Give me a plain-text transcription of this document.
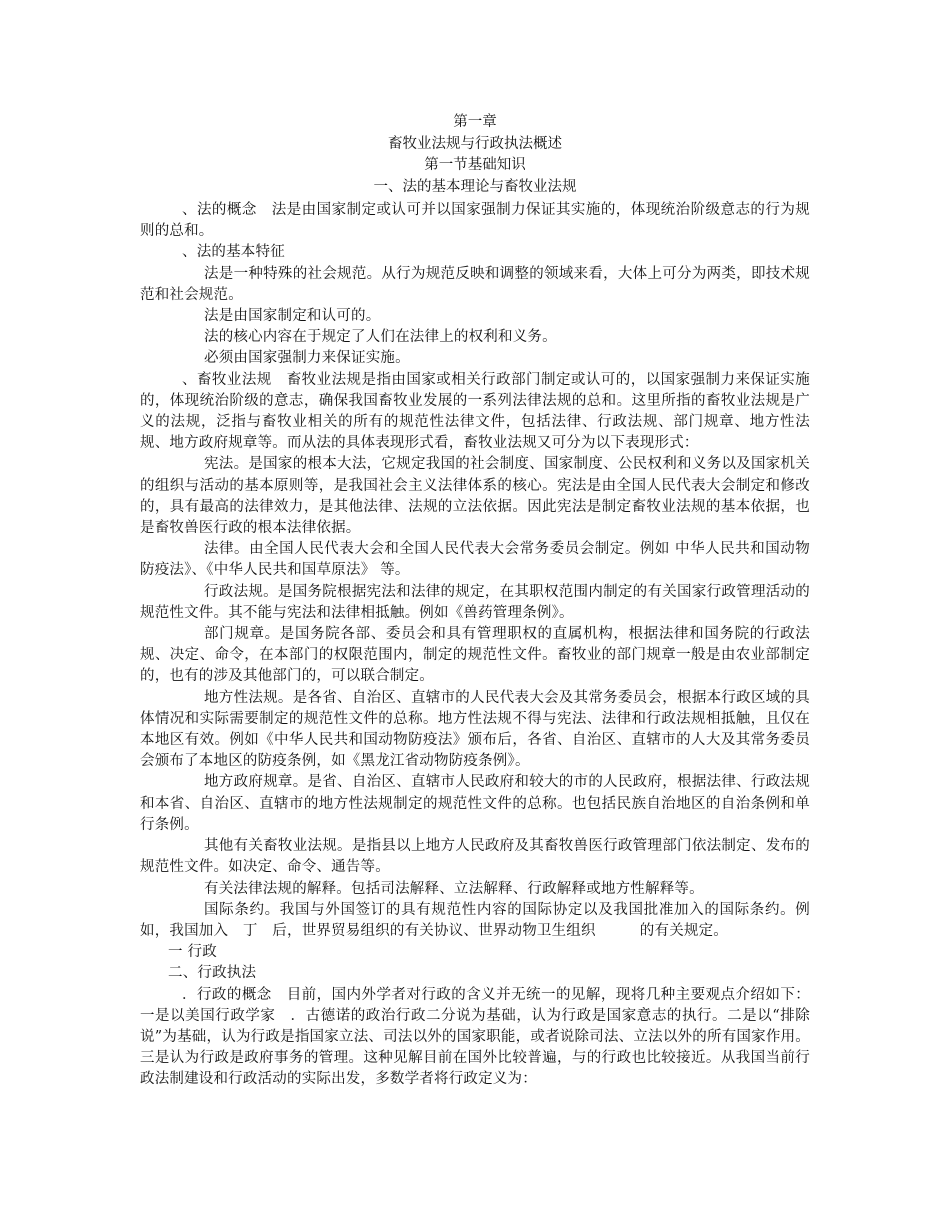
第一章
畜牧业法规与行政执法概述
第一节基础知识
一、法的基本理论与畜牧业法规

、法的概念　法是由国家制定或认可并以国家强制力保证其实施的，体现统治阶级意志的行为规则的总和。

、法的基本特征

法是一种特殊的社会规范。从行为规范反映和调整的领域来看，大体上可分为两类，即技术规范和社会规范。

法是由国家制定和认可的。

法的核心内容在于规定了人们在法律上的权利和义务。

必须由国家强制力来保证实施。

、畜牧业法规　畜牧业法规是指由国家或相关行政部门制定或认可的，以国家强制力来保证实施的，体现统治阶级的意志，确保我国畜牧业发展的一系列法律法规的总和。这里所指的畜牧业法规是广义的法规，泛指与畜牧业相关的所有的规范性法律文件，包括法律、行政法规、部门规章、地方性法规、地方政府规章等。而从法的具体表现形式看，畜牧业法规又可分为以下表现形式：

宪法。是国家的根本大法，它规定我国的社会制度、国家制度、公民权利和义务以及国家机关的组织与活动的基本原则等，是我国社会主义法律体系的核心。宪法是由全国人民代表大会制定和修改的，具有最高的法律效力，是其他法律、法规的立法依据。因此宪法是制定畜牧业法规的基本依据，也是畜牧兽医行政的根本法律依据。

法律。由全国人民代表大会和全国人民代表大会常务委员会制定。例如 中华人民共和国动物防疫法》、《中华人民共和国草原法》 等。

行政法规。是国务院根据宪法和法律的规定，在其职权范围内制定的有关国家行政管理活动的规范性文件。其不能与宪法和法律相抵触。例如《兽药管理条例》。

部门规章。是国务院各部、委员会和具有管理职权的直属机构，根据法律和国务院的行政法规、决定、命令，在本部门的权限范围内，制定的规范性文件。畜牧业的部门规章一般是由农业部制定的，也有的涉及其他部门的，可以联合制定。

地方性法规。是各省、自治区、直辖市的人民代表大会及其常务委员会，根据本行政区域的具体情况和实际需要制定的规范性文件的总称。地方性法规不得与宪法、法律和行政法规相抵触，且仅在本地区有效。例如《中华人民共和国动物防疫法》颁布后，各省、自治区、直辖市的人大及其常务委员会颁布了本地区的防疫条例，如《黑龙江省动物防疫条例》。

地方政府规章。是省、自治区、直辖市人民政府和较大的市的人民政府，根据法律、行政法规和本省、自治区、直辖市的地方性法规制定的规范性文件的总称。也包括民族自治地区的自治条例和单行条例。

其他有关畜牧业法规。是指县以上地方人民政府及其畜牧兽医行政管理部门依法制定、发布的规范性文件。如决定、命令、通告等。

有关法律法规的解释。包括司法解释、立法解释、行政解释或地方性解释等。

国际条约。我国与外国签订的具有规范性内容的国际协定以及我国批准加入的国际条约。例如，我国加入　丁　后，世界贸易组织的有关协议、世界动物卫生组织　　　的有关规定。

一 行政

二、行政执法

．行政的概念　目前，国内外学者对行政的含义并无统一的见解，现将几种主要观点介绍如下：一是以美国行政学家　．古德诺的政治行政二分说为基础，认为行政是国家意志的执行。二是以“排除说”为基础，认为行政是指国家立法、司法以外的国家职能，或者说除司法、立法以外的所有国家作用。三是认为行政是政府事务的管理。这种见解目前在国外比较普遍，与的行政也比较接近。从我国当前行政法制建设和行政活动的实际出发，多数学者将行政定义为：
